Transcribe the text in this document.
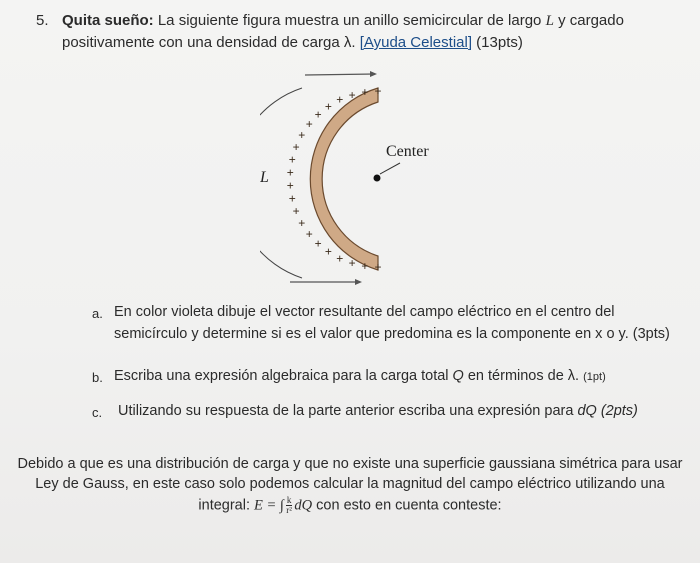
5. Quita sueño: La siguiente figura muestra un anillo semicircular de largo L y cargado
positivamente con una densidad de carga λ. [Ayuda Celestial] (13pts)
+
+
+
+
+
+
+
+
+
+
+
+
+
+
+
+
+
+ + + + +
L
Center
a. En color violeta dibuje el vector resultante del campo eléctrico en el centro del
semicírculo y determine si es el valor que predomina es la componente en x o y. (3pts)
b. Escriba una expresión algebraica para la carga total Q en términos de λ. (1pt)
c. Utilizando su respuesta de la parte anterior escriba una expresión para dQ (2pts)
Debido a que es una distribución de carga y que no existe una superficie gaussiana simétrica para usar
Ley de Gauss, en este caso solo podemos calcular la magnitud del campo eléctrico utilizando una
integral: E = ∫ $\frac{k}{\text{r²}}$ dQ con esto en cuenta conteste:
